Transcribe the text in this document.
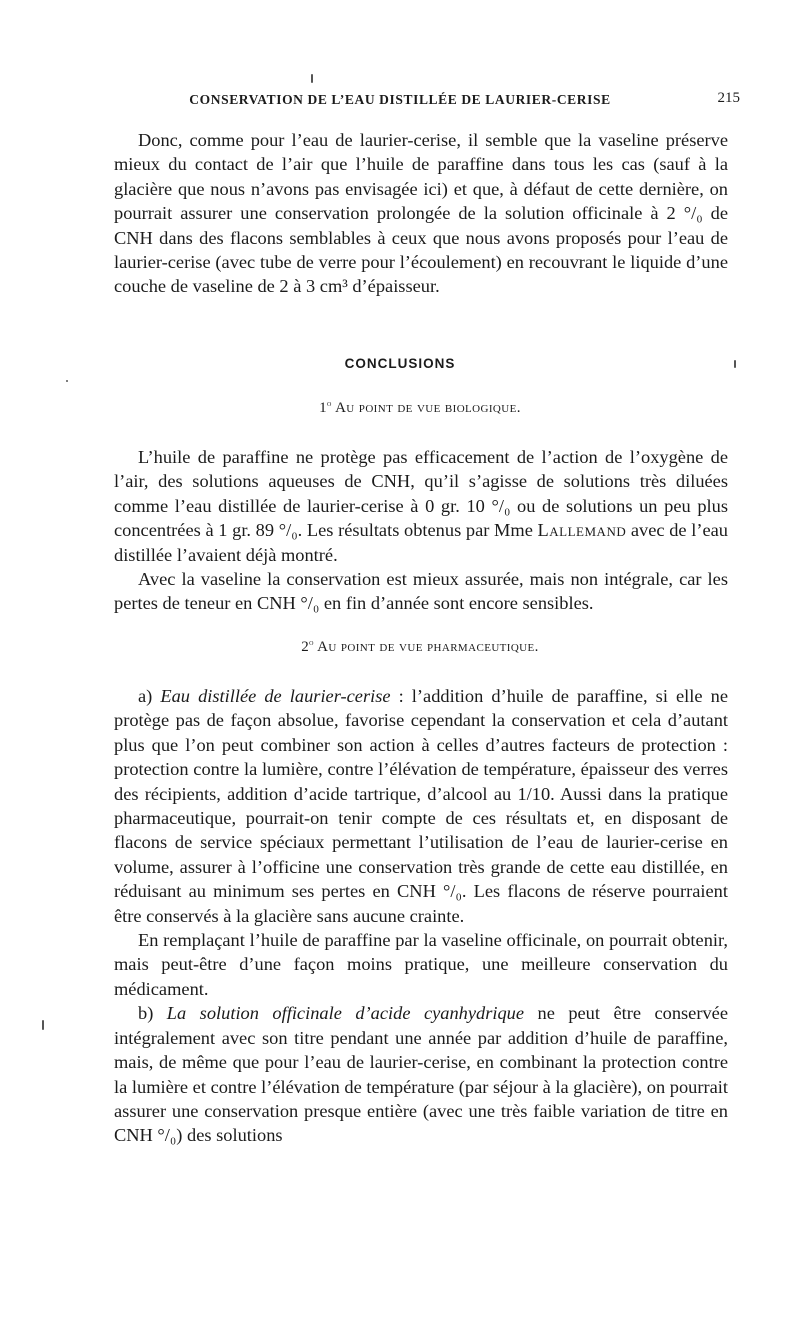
CONSERVATION DE L’EAU DISTILLÉE DE LAURIER-CERISE	215

Donc, comme pour l’eau de laurier-cerise, il semble que la vaseline préserve mieux du contact de l’air que l’huile de paraffine dans tous les cas (sauf à la glacière que nous n’avons pas envisagée ici) et que, à défaut de cette dernière, on pourrait assurer une conservation prolongée de la solution officinale à 2 °/₀ de CNH dans des flacons semblables à ceux que nous avons proposés pour l’eau de laurier-cerise (avec tube de verre pour l’écoulement) en recouvrant le liquide d’une couche de vaseline de 2 à 3 cm³ d’épaisseur.

CONCLUSIONS
1$^o$ Au point de vue biologique.

L’huile de paraffine ne protège pas efficacement de l’action de l’oxygène de l’air, des solutions aqueuses de CNH, qu’il s’agisse de solutions très diluées comme l’eau distillée de laurier-cerise à 0 gr. 10 °/₀ ou de solutions un peu plus concentrées à 1 gr. 89 °/₀. Les résultats obtenus par Mme Lallemand avec de l’eau distillée l’avaient déjà montré.

Avec la vaseline la conservation est mieux assurée, mais non intégrale, car les pertes de teneur en CNH °/₀ en fin d’année sont encore sensibles.

2$^o$ Au point de vue pharmaceutique.

a) Eau distillée de laurier-cerise : l’addition d’huile de paraffine, si elle ne protège pas de façon absolue, favorise cependant la conservation et cela d’autant plus que l’on peut combiner son action à celles d’autres facteurs de protection : protection contre la lumière, contre l’élévation de température, épaisseur des verres des récipients, addition d’acide tartrique, d’alcool au 1/10. Aussi dans la pratique pharmaceutique, pourrait-on tenir compte de ces résultats et, en disposant de flacons de service spéciaux permettant l’utilisation de l’eau de laurier-cerise en volume, assurer à l’officine une conservation très grande de cette eau distillée, en réduisant au minimum ses pertes en CNH °/₀. Les flacons de réserve pourraient être conservés à la glacière sans aucune crainte.

En remplaçant l’huile de paraffine par la vaseline officinale, on pourrait obtenir, mais peut-être d’une façon moins pratique, une meilleure conservation du médicament.

b) La solution officinale d’acide cyanhydrique ne peut être conservée intégralement avec son titre pendant une année par addition d’huile de paraffine, mais, de même que pour l’eau de laurier-cerise, en combinant la protection contre la lumière et contre l’élévation de température (par séjour à la glacière), on pourrait assurer une conservation presque entière (avec une très faible variation de titre en CNH °/₀) des solutions
